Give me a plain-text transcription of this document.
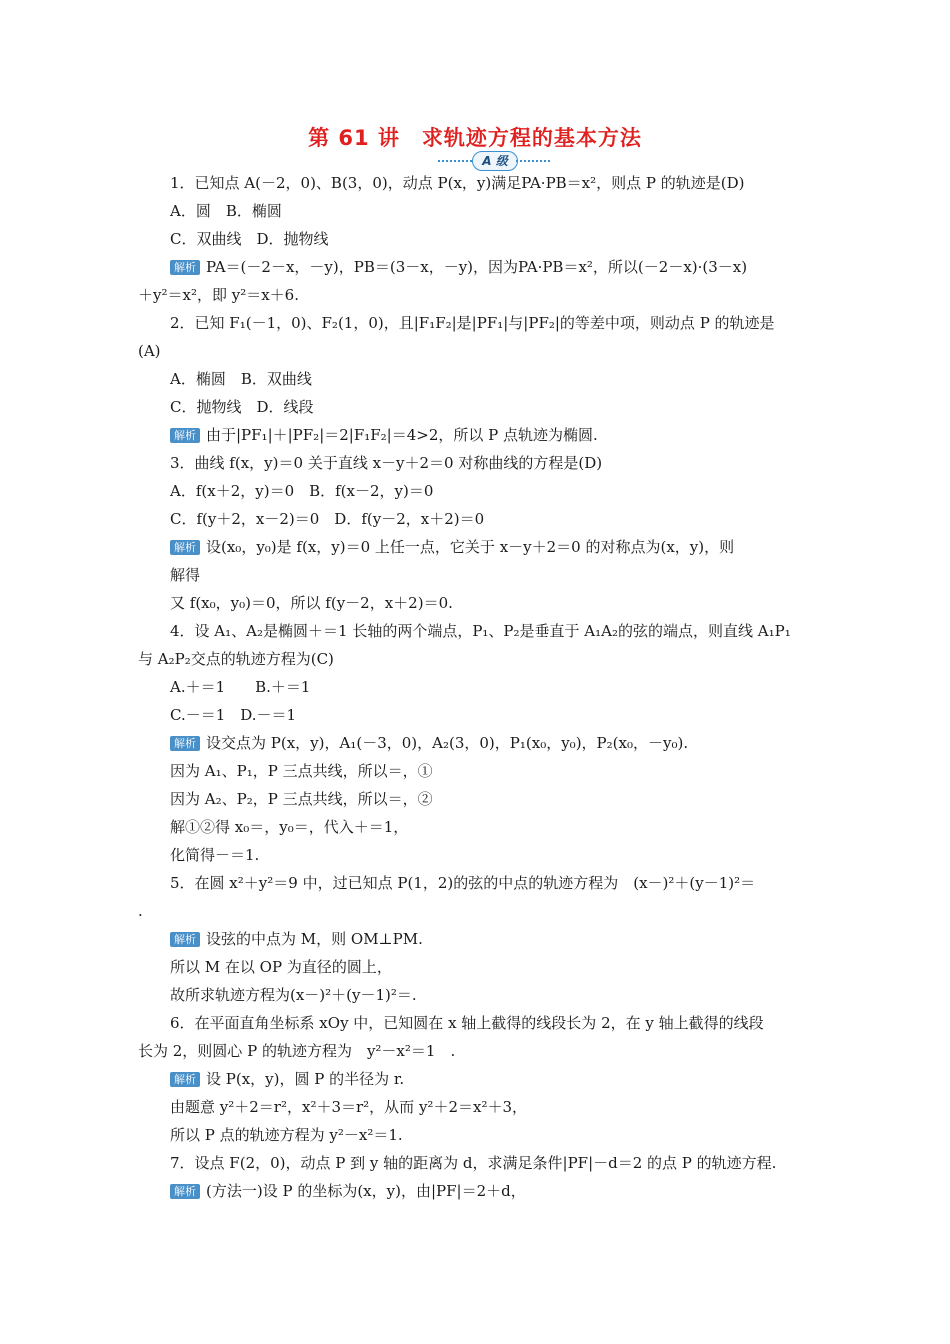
第 61 讲　求轨迹方程的基本方法
A 级
1．已知点 A(－2，0)、B(3，0)，动点 P(x，y)满足PA·PB＝x²，则点 P 的轨迹是(D)
A．圆　B．椭圆
C．双曲线　D．抛物线
解析 PA＝(－2－x，－y)，PB＝(3－x，－y)，因为PA·PB＝x²，所以(－2－x)·(3－x)
＋y²＝x²，即 y²＝x＋6.
2．已知 F₁(－1，0)、F₂(1，0)，且|F₁F₂|是|PF₁|与|PF₂|的等差中项，则动点 P 的轨迹是
(A)
A．椭圆　B．双曲线
C．抛物线　D．线段
解析 由于|PF₁|＋|PF₂|＝2|F₁F₂|＝4>2，所以 P 点轨迹为椭圆.
3．曲线 f(x，y)＝0 关于直线 x－y＋2＝0 对称曲线的方程是(D)
A．f(x＋2，y)＝0　B．f(x－2，y)＝0
C．f(y＋2，x－2)＝0　D．f(y－2，x＋2)＝0
解析 设(x₀，y₀)是 f(x，y)＝0 上任一点，它关于 x－y＋2＝0 的对称点为(x，y)，则
解得
又 f(x₀，y₀)＝0，所以 f(y－2，x＋2)＝0.
4．设 A₁、A₂是椭圆＋＝1 长轴的两个端点，P₁、P₂是垂直于 A₁A₂的弦的端点，则直线 A₁P₁
与 A₂P₂交点的轨迹方程为(C)
A.＋＝1　　B.＋＝1
C.－＝1　D.－＝1
解析 设交点为 P(x，y)，A₁(－3，0)，A₂(3，0)，P₁(x₀，y₀)，P₂(x₀，－y₀).
因为 A₁、P₁，P 三点共线，所以＝，①
因为 A₂、P₂，P 三点共线，所以＝，②
解①②得 x₀＝，y₀＝，代入＋＝1，
化简得－＝1.
5．在圆 x²＋y²＝9 中，过已知点 P(1，2)的弦的中点的轨迹方程为　(x－)²＋(y－1)²＝
.
解析 设弦的中点为 M，则 OM⊥PM.
所以 M 在以 OP 为直径的圆上，
故所求轨迹方程为(x－)²＋(y－1)²＝.
6．在平面直角坐标系 xOy 中，已知圆在 x 轴上截得的线段长为 2，在 y 轴上截得的线段
长为 2，则圆心 P 的轨迹方程为　y²－x²＝1　.
解析 设 P(x，y)，圆 P 的半径为 r.
由题意 y²＋2＝r²，x²＋3＝r²，从而 y²＋2＝x²＋3，
所以 P 点的轨迹方程为 y²－x²＝1.
7．设点 F(2，0)，动点 P 到 y 轴的距离为 d，求满足条件|PF|－d＝2 的点 P 的轨迹方程.
解析 (方法一)设 P 的坐标为(x，y)，由|PF|＝2＋d，
